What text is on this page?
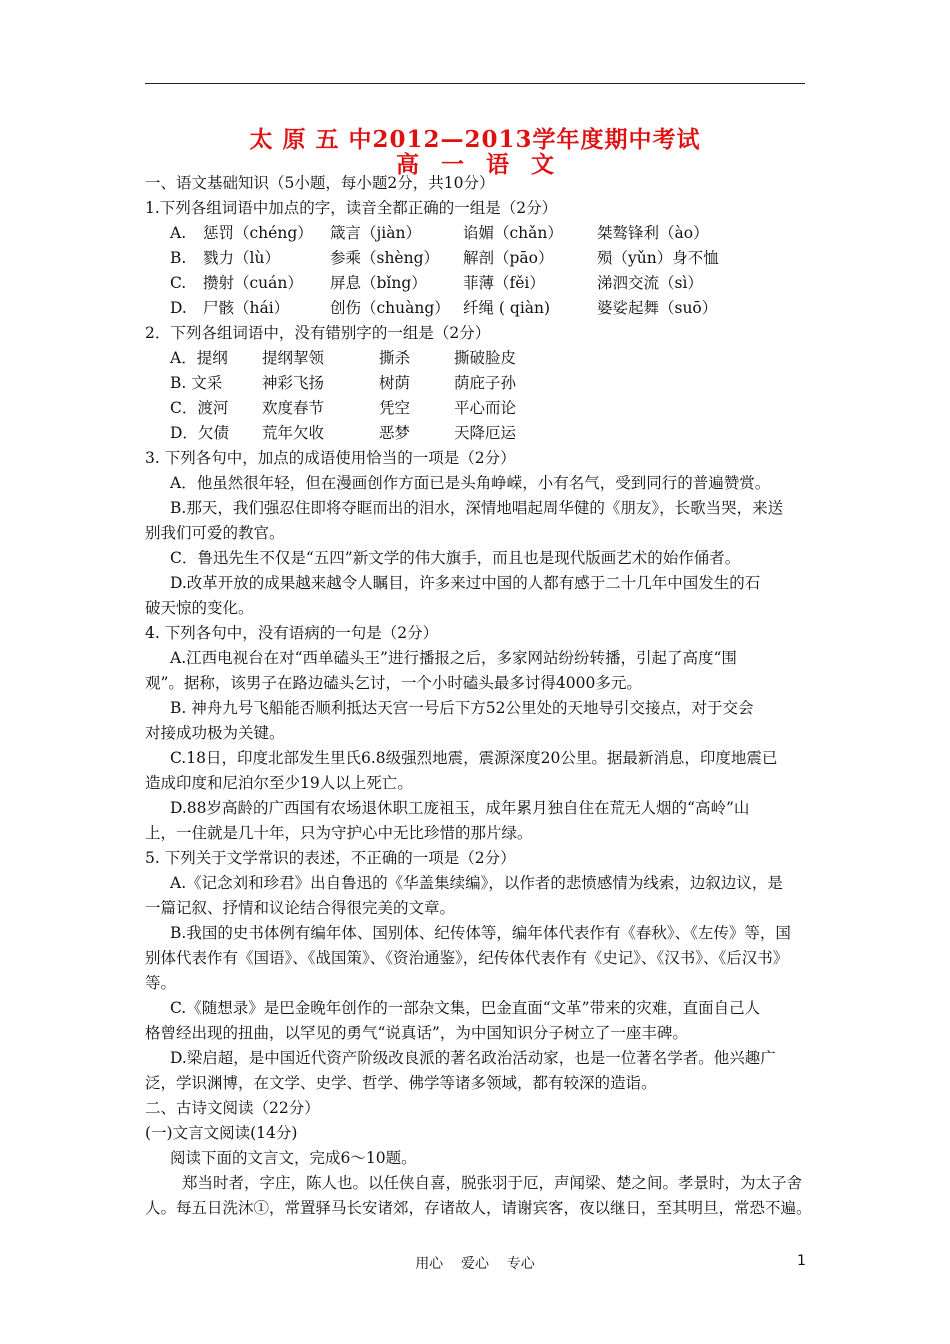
太 原 五 中2012—2013学年度期中考试
高 一 语 文
一、语文基础知识（5小题，每小题2分，共10分）
1.下列各组词语中加点的字，读音全都正确的一组是（2分）
A. 惩罚（chéng） 箴言（jiàn）	谄媚（chǎn） 桀骜锋利（ào）
B. 戮力（lù）	参乘（shèng） 解剖（pāo）	殒（yǔn）身不恤
C. 攒射（cuán） 屏息（bǐng） 菲薄（fěi）	涕泗交流（sì）
D. 尸骸（hái）	创伤（chuàng） 纤绳 ( qiàn)	婆娑起舞（suō）
2．下列各组词语中，没有错别字的一组是（2分）
A．提纲 提纲挈领	撕杀	撕破脸皮
B. 文采	神彩飞扬	树荫	荫庇子孙
C．渡河 欢度春节	凭空	平心而论
D．欠债 荒年欠收	恶梦	天降厄运
3. 下列各句中，加点的成语使用恰当的一项是（2分）
A．他虽然很年轻，但在漫画创作方面已是头角峥嵘，小有名气，受到同行的普遍赞赏。
B.那天，我们强忍住即将夺眶而出的泪水，深情地唱起周华健的《朋友》，长歌当哭，来送
别我们可爱的教官。
C．鲁迅先生不仅是“五四”新文学的伟大旗手，而且也是现代版画艺术的始作俑者。
D.改革开放的成果越来越令人瞩目，许多来过中国的人都有感于二十几年中国发生的石
破天惊的变化。
4. 下列各句中，没有语病的一句是（2分）
A.江西电视台在对“西单磕头王”进行播报之后，多家网站纷纷转播，引起了高度“围
观”。据称，该男子在路边磕头乞讨，一个小时磕头最多讨得4000多元。
B. 神舟九号飞船能否顺利抵达天宫一号后下方52公里处的天地导引交接点，对于交会
对接成功极为关键。
C.18日，印度北部发生里氏6.8级强烈地震，震源深度20公里。据最新消息，印度地震已
造成印度和尼泊尔至少19人以上死亡。
D.88岁高龄的广西国有农场退休职工庞祖玉，成年累月独自住在荒无人烟的“高岭”山
上，一住就是几十年，只为守护心中无比珍惜的那片绿。
5. 下列关于文学常识的表述，不正确的一项是（2分）
A.《记念刘和珍君》出自鲁迅的《华盖集续编》，以作者的悲愤感情为线索，边叙边议，是
一篇记叙、抒情和议论结合得很完美的文章。
B.我国的史书体例有编年体、国别体、纪传体等，编年体代表作有《春秋》、《左传》等，国
别体代表作有《国语》、《战国策》、《资治通鉴》，纪传体代表作有《史记》、《汉书》、《后汉书》
等。
C.《随想录》是巴金晚年创作的一部杂文集，巴金直面“文革”带来的灾难，直面自己人
格曾经出现的扭曲，以罕见的勇气“说真话”，为中国知识分子树立了一座丰碑。
D.梁启超，是中国近代资产阶级改良派的著名政治活动家，也是一位著名学者。他兴趣广
泛，学识渊博，在文学、史学、哲学、佛学等诸多领域，都有较深的造诣。
二、古诗文阅读（22分）
(一)文言文阅读(14分)
阅读下面的文言文，完成6～10题。
郑当时者，字庄，陈人也。以任侠自喜，脱张羽于厄，声闻梁、楚之间。孝景时，为太子舍
人。每五日洗沐①，常置驿马长安诸郊，存诸故人，请谢宾客，夜以继日，至其明旦，常恐不遍。
用心    爱心    专心	1
